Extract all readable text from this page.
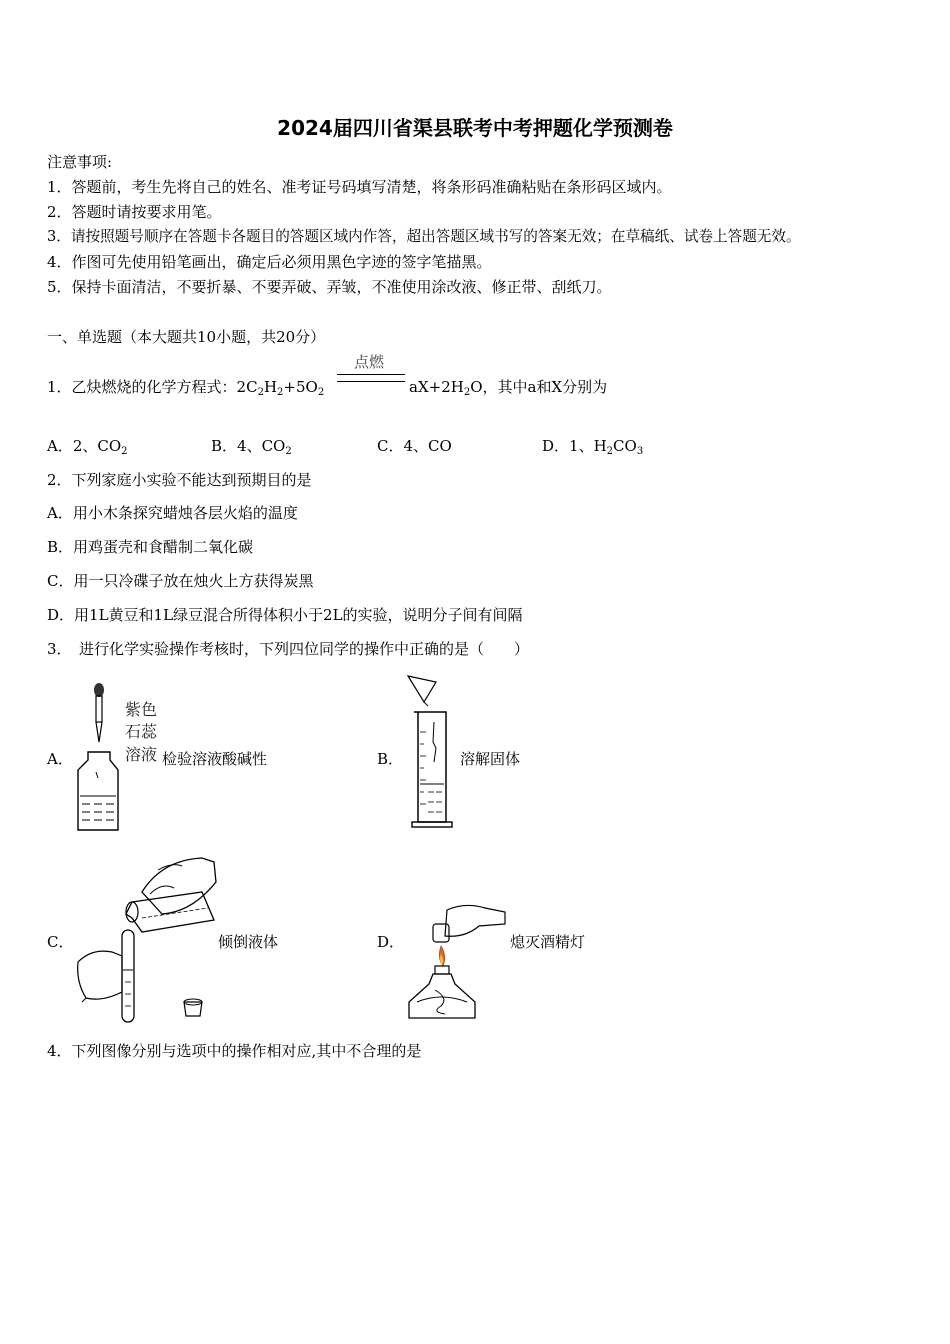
2024届四川省渠县联考中考押题化学预测卷
注意事项:
1．答题前，考生先将自己的姓名、准考证号码填写清楚，将条形码准确粘贴在条形码区域内。
2．答题时请按要求用笔。
3．请按照题号顺序在答题卡各题目的答题区域内作答，超出答题区域书写的答案无效；在草稿纸、试卷上答题无效。
4．作图可先使用铅笔画出，确定后必须用黑色字迹的签字笔描黑。
5．保持卡面清洁，不要折暴、不要弄破、弄皱，不准使用涂改液、修正带、刮纸刀。
一、单选题（本大题共10小题，共20分）
1．乙炔燃烧的化学方程式：$2C_2H_2+5O_2$
点燃
$aX+2H_2O$，其中a和X分别为
A．2、$CO_2$	B．4、$CO_2$	C．4、CO	D．1、$H_2CO_3$
2．下列家庭小实验不能达到预期目的是
A．用小木条探究蜡烛各层火焰的温度
B．用鸡蛋壳和食醋制二氧化碳
C．用一只冷碟子放在烛火上方获得炭黑
D．用1L黄豆和1L绿豆混合所得体积小于2L的实验，说明分子间有间隔
3．　进行化学实验操作考核时，下列四位同学的操作中正确的是（　　）
紫色
石蕊
溶液
A．	检验溶液酸碱性	B．	溶解固体
C．	倾倒液体	D．	熄灭酒精灯
4．下列图像分别与选项中的操作相对应,其中不合理的是
